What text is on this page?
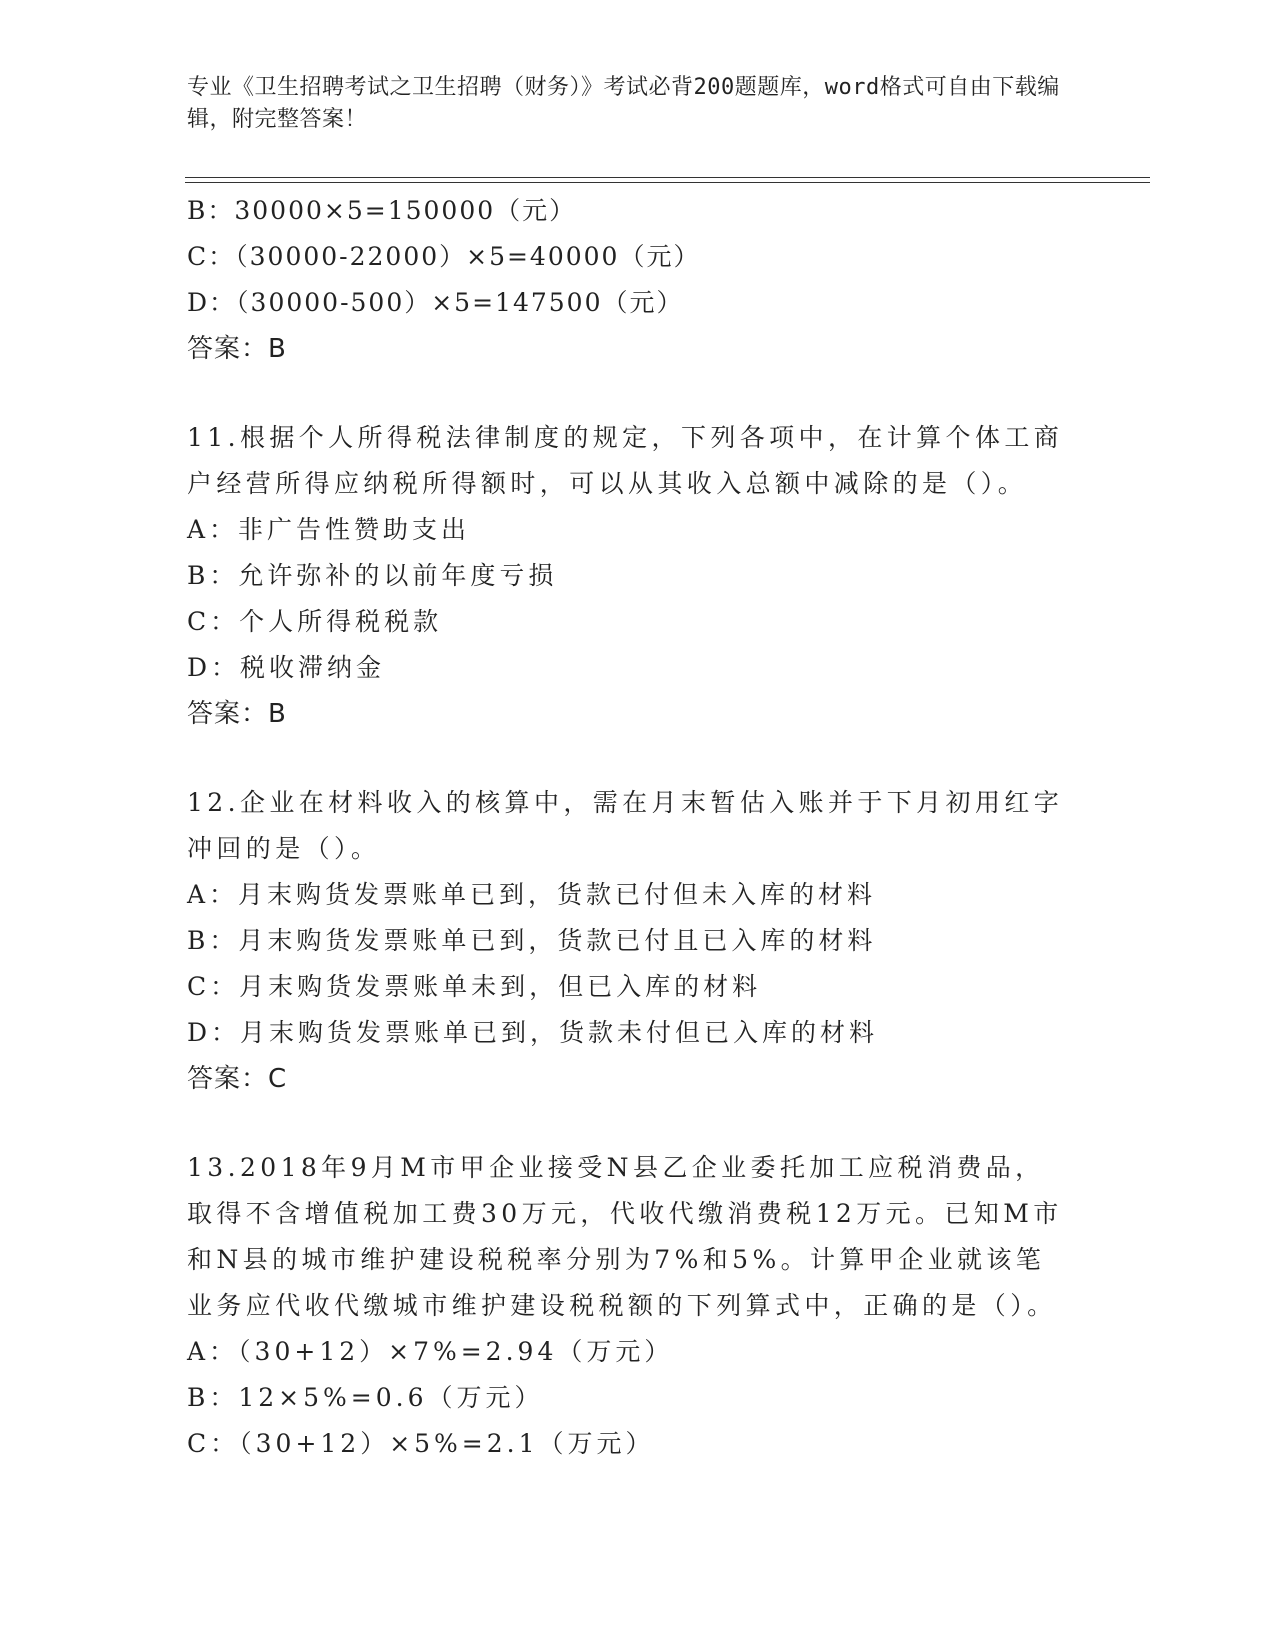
专业《卫生招聘考试之卫生招聘（财务）》考试必背200题题库，word格式可自由下载编辑，附完整答案！
B：30000×5=150000（元）
C：（30000-22000）×5=40000（元）
D：（30000-500）×5=147500（元）
答案：B
11.根据个人所得税法律制度的规定，下列各项中，在计算个体工商户经营所得应纳税所得额时，可以从其收入总额中减除的是（）。
A：非广告性赞助支出
B：允许弥补的以前年度亏损
C：个人所得税税款
D：税收滞纳金
答案：B
12.企业在材料收入的核算中，需在月末暂估入账并于下月初用红字冲回的是（）。
A：月末购货发票账单已到，货款已付但未入库的材料
B：月末购货发票账单已到，货款已付且已入库的材料
C：月末购货发票账单未到，但已入库的材料
D：月末购货发票账单已到，货款未付但已入库的材料
答案：C
13.2018年9月M市甲企业接受N县乙企业委托加工应税消费品，取得不含增值税加工费30万元，代收代缴消费税12万元。已知M市和N县的城市维护建设税税率分别为7%和5%。计算甲企业就该笔业务应代收代缴城市维护建设税税额的下列算式中，正确的是（）。
A：（30+12）×7%=2.94（万元）
B：12×5%=0.6（万元）
C：（30+12）×5%=2.1（万元）
